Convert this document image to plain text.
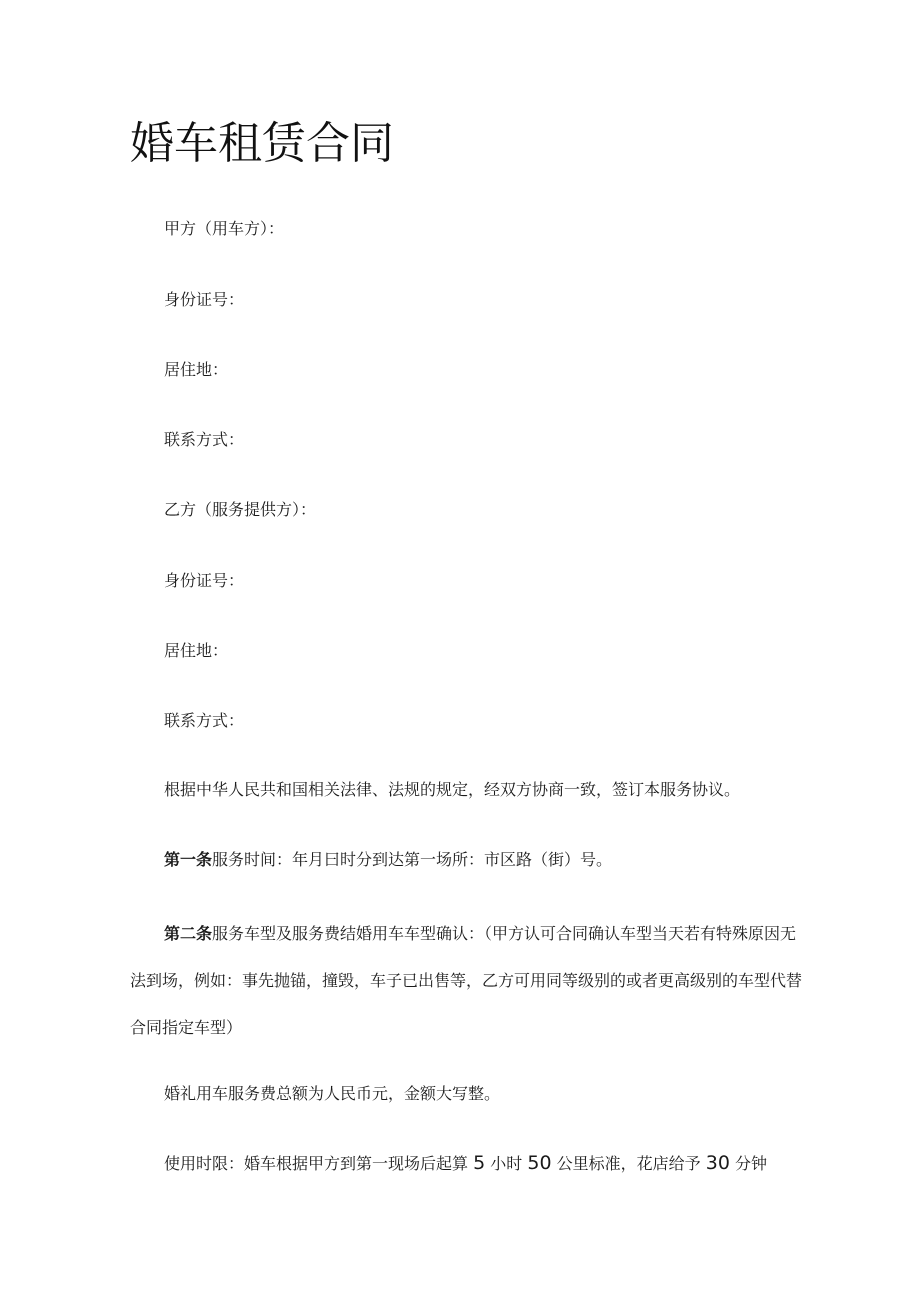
婚车租赁合同

甲方（用车方）：

身份证号：

居住地：

联系方式：

乙方（服务提供方）：

身份证号：

居住地：

联系方式：

根据中华人民共和国相关法律、法规的规定，经双方协商一致，签订本服务协议。

第一条服务时间：年月曰时分到达第一场所：市区路（街）号。

第二条服务车型及服务费结婚用车车型确认：（甲方认可合同确认车型当天若有特殊原因无法到场，例如：事先抛锚，撞毁，车子已出售等，乙方可用同等级别的或者更高级别的车型代替合同指定车型）

婚礼用车服务费总额为人民币元，金额大写整。

使用时限：婚车根据甲方到第一现场后起算 5 小时 50 公里标准，花店给予 30 分钟
